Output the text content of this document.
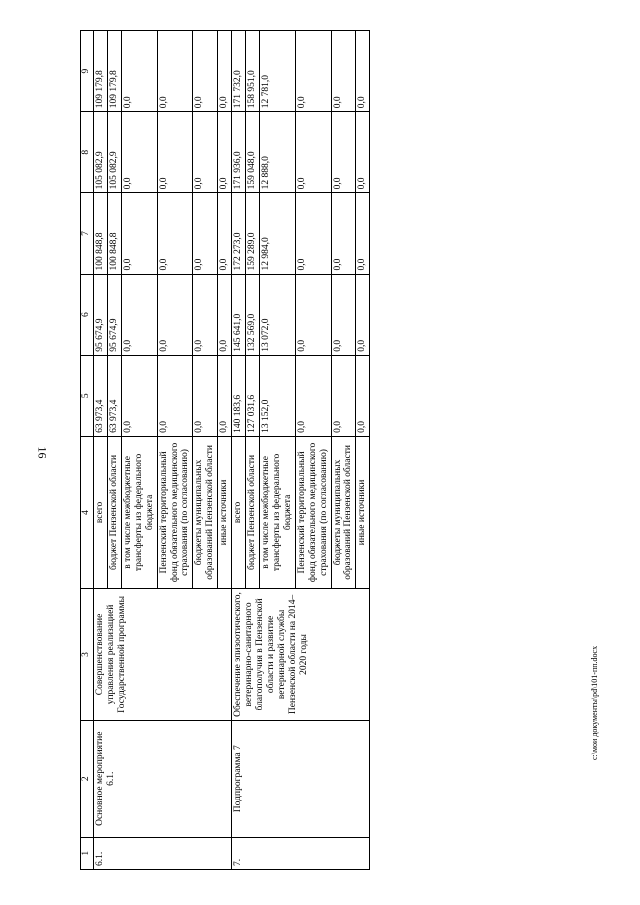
16
1	2	3	4	5	6	7	8	9
6.1.	Основное мероприятие 6.1.	Совершенствование управления реализацией Государственной программы	всего	63 973,4	95 674,9	100 848,8	105 082,9	109 179,8
			бюджет Пензенской области	63 973,4	95 674,9	100 848,8	105 082,9	109 179,8
			в том числе межбюджетные трансферты из федерального бюджета	0,0	0,0	0,0	0,0	0,0
			Пензенский территориальный фонд обязательного медицинского страхования (по согласованию)	0,0	0,0	0,0	0,0	0,0
			бюджеты муниципальных образований Пензенской области	0,0	0,0	0,0	0,0	0,0
			иные источники	0,0	0,0	0,0	0,0	0,0
7.	Подпрограмма 7	Обеспечение эпизоотического, ветеринарно-санитарного благополучия в Пензенской области и развитие ветеринарной службы Пензенской области на 2014–2020 годы	всего	140 183,6	145 641,0	172 273,0	171 936,0	171 732,0
			бюджет Пензенской области	127 031,6	132 569,0	159 289,0	159 048,0	158 951,0
			в том числе межбюджетные трансферты из федерального бюджета	13 152,0	13 072,0	12 984,0	12 888,0	12 781,0
			Пензенский территориальный фонд обязательного медицинского страхования (по согласованию)	0,0	0,0	0,0	0,0	0,0
			бюджеты муниципальных образований Пензенской области	0,0	0,0	0,0	0,0	0,0
			иные источники	0,0	0,0	0,0	0,0	0,0
c:\мои документы\pd\101-пп.docx
